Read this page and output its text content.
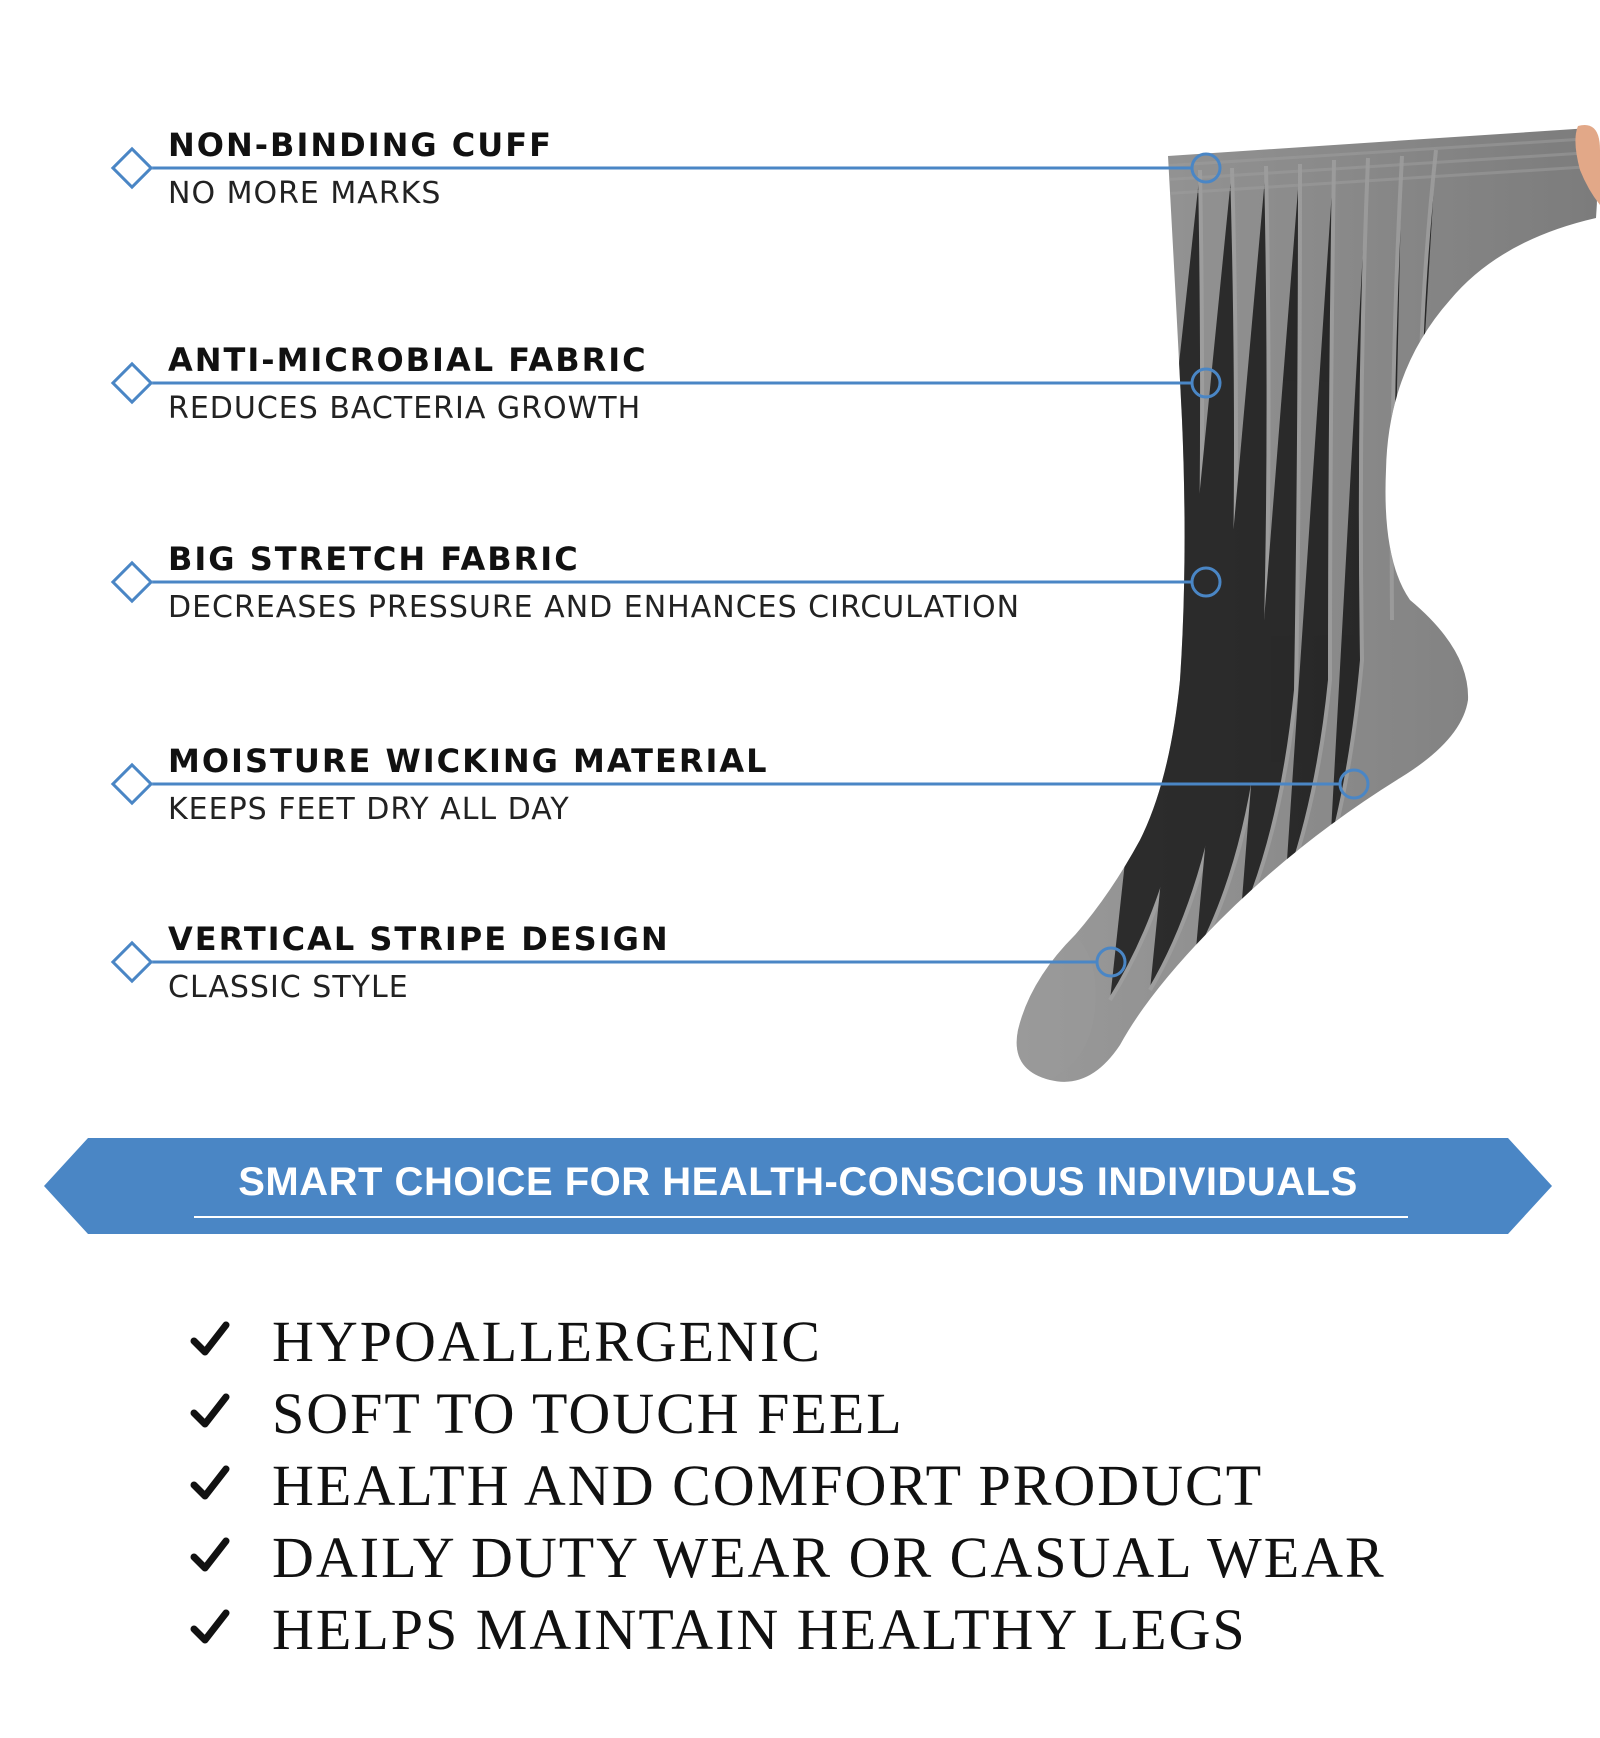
NON-BINDING CUFF
NO MORE MARKS
ANTI-MICROBIAL FABRIC
REDUCES BACTERIA GROWTH
BIG STRETCH FABRIC
DECREASES PRESSURE AND ENHANCES CIRCULATION
MOISTURE WICKING MATERIAL
KEEPS FEET DRY ALL DAY
VERTICAL STRIPE DESIGN
CLASSIC STYLE
SMART CHOICE FOR HEALTH-CONSCIOUS INDIVIDUALS
HYPOALLERGENIC
SOFT TO TOUCH FEEL
HEALTH AND COMFORT PRODUCT
DAILY DUTY WEAR OR CASUAL WEAR
HELPS MAINTAIN HEALTHY LEGS
